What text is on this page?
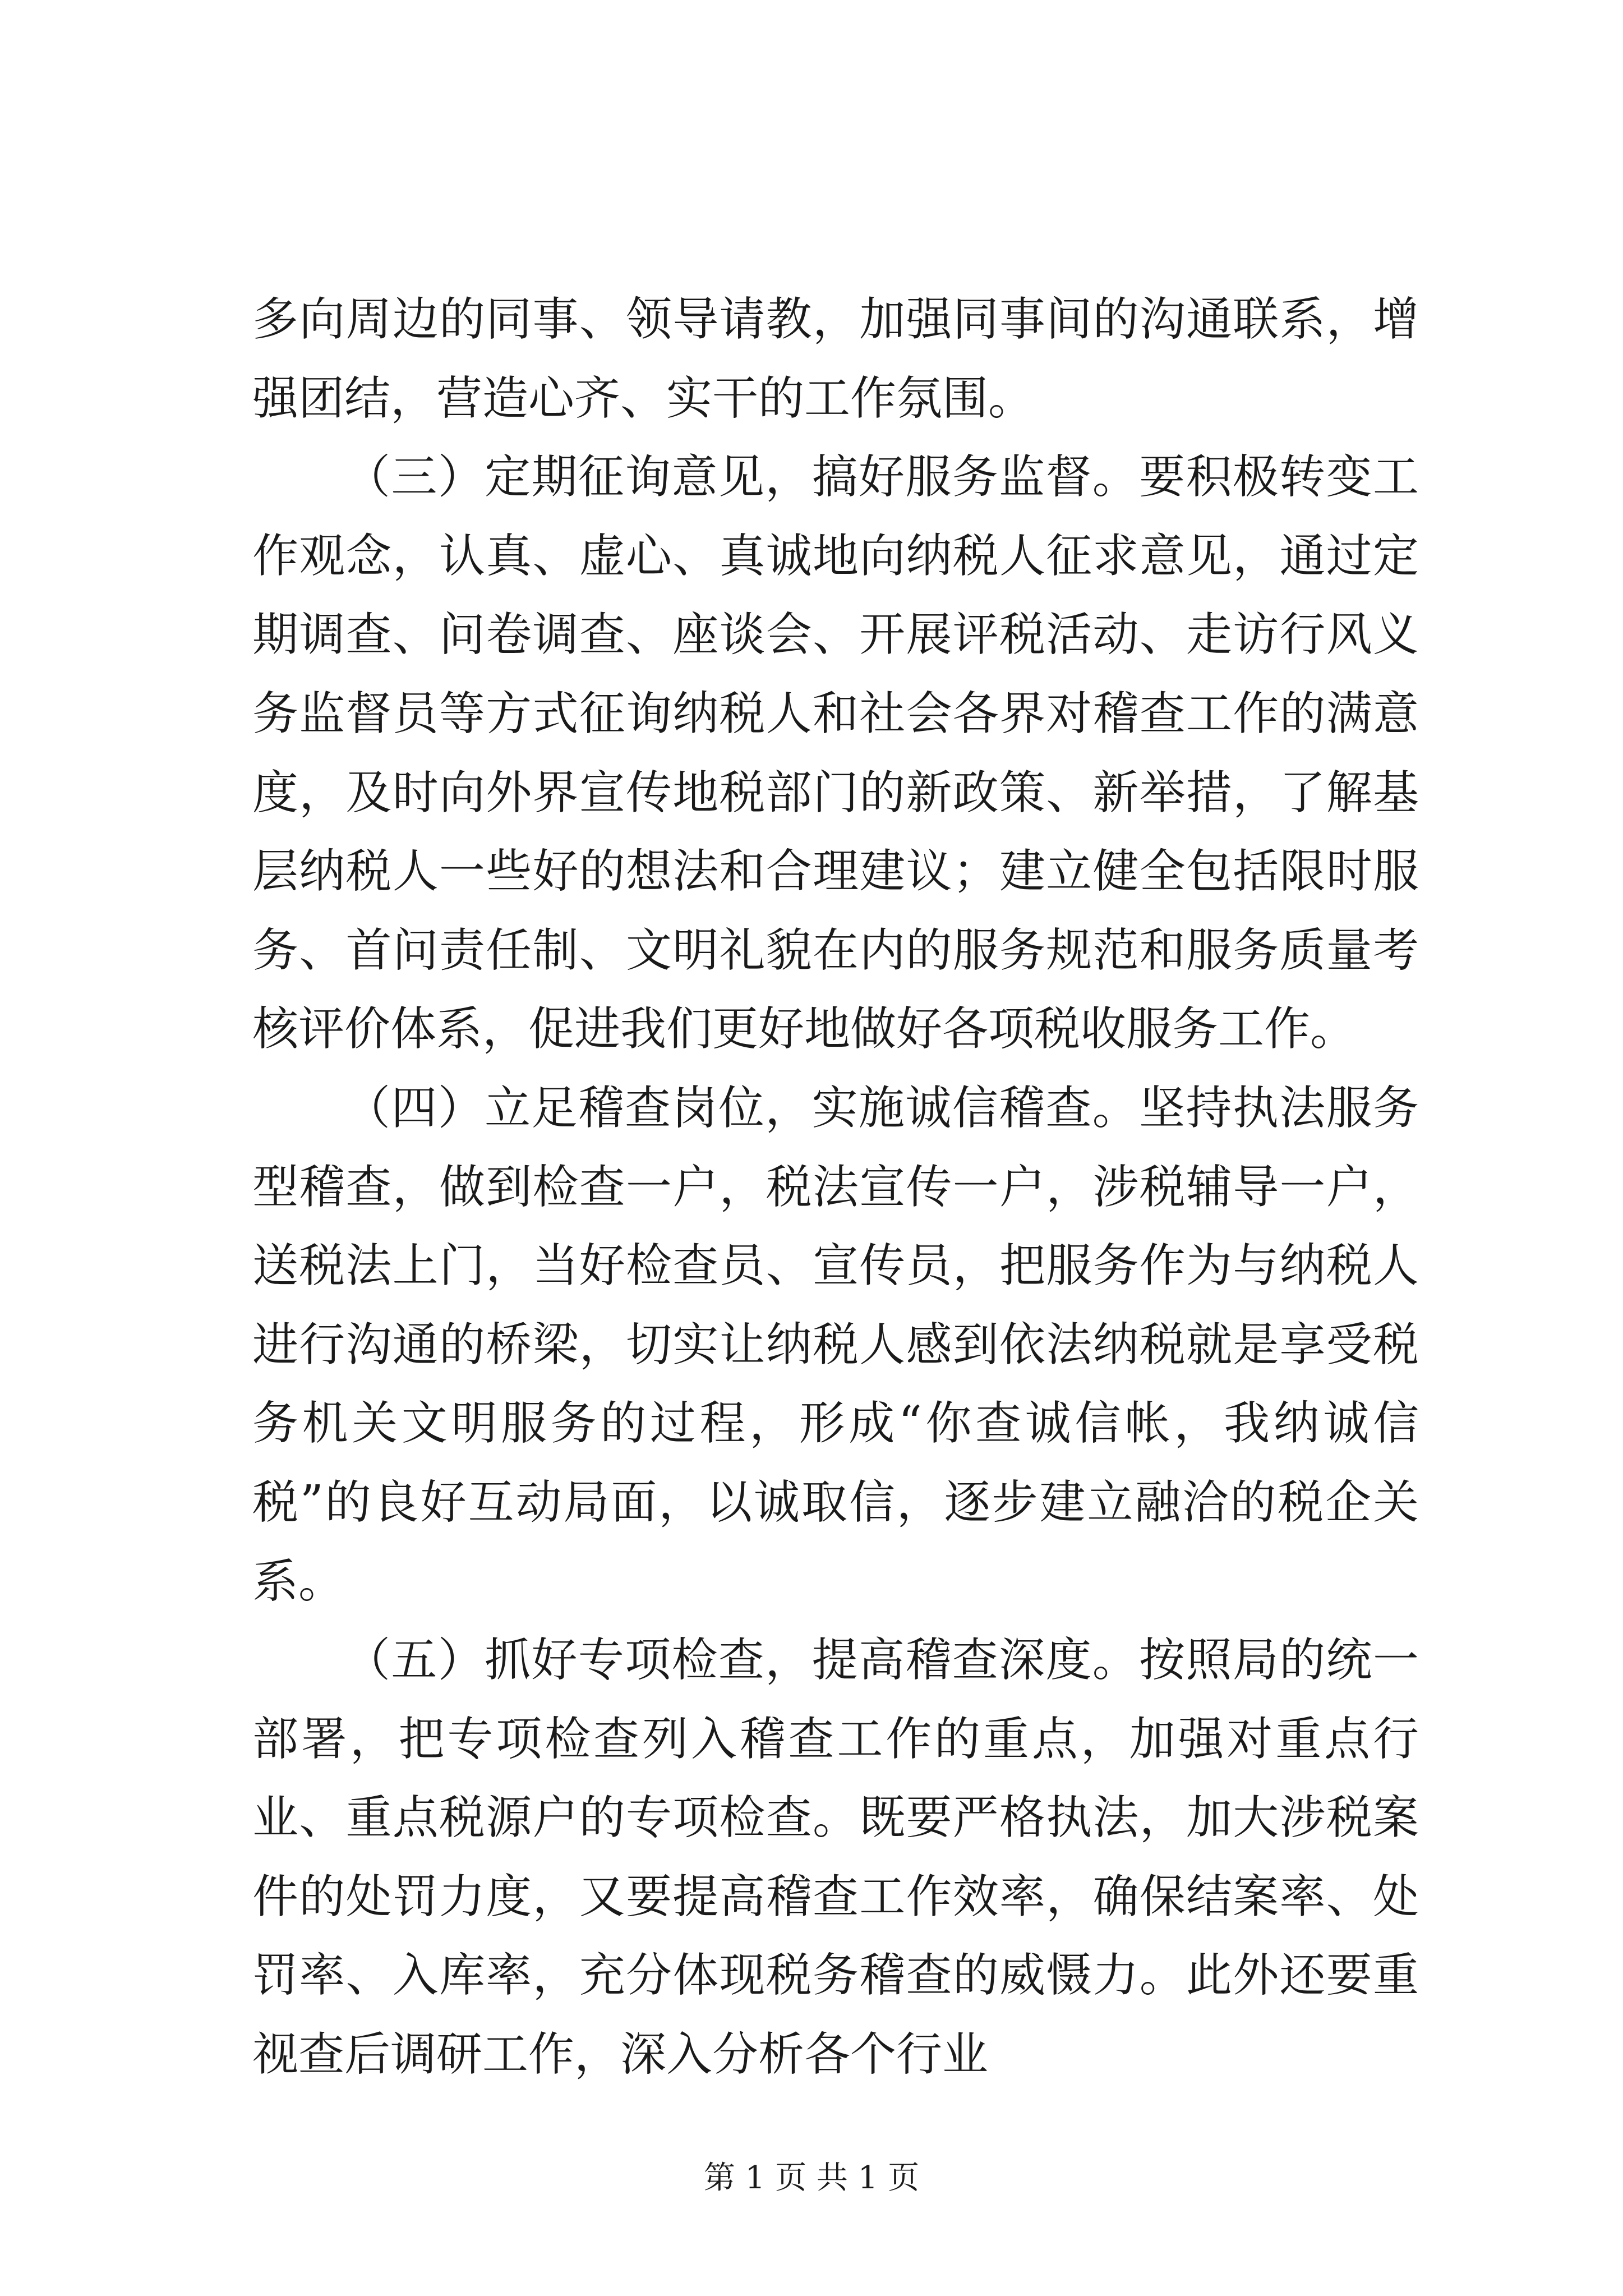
多向周边的同事、领导请教，加强同事间的沟通联系，增强团结，营造心齐、实干的工作氛围。

（三）定期征询意见，搞好服务监督。要积极转变工作观念，认真、虚心、真诚地向纳税人征求意见，通过定期调查、问卷调查、座谈会、开展评税活动、走访行风义务监督员等方式征询纳税人和社会各界对稽查工作的满意度，及时向外界宣传地税部门的新政策、新举措，了解基层纳税人一些好的想法和合理建议；建立健全包括限时服务、首问责任制、文明礼貌在内的服务规范和服务质量考核评价体系，促进我们更好地做好各项税收服务工作。

（四）立足稽查岗位，实施诚信稽查。坚持执法服务型稽查，做到检查一户，税法宣传一户，涉税辅导一户，送税法上门，当好检查员、宣传员，把服务作为与纳税人进行沟通的桥梁，切实让纳税人感到依法纳税就是享受税务机关文明服务的过程，形成“你查诚信帐，我纳诚信税”的良好互动局面，以诚取信，逐步建立融洽的税企关系。

（五）抓好专项检查，提高稽查深度。按照局的统一部署，把专项检查列入稽查工作的重点，加强对重点行业、重点税源户的专项检查。既要严格执法，加大涉税案件的处罚力度，又要提高稽查工作效率，确保结案率、处罚率、入库率，充分体现税务稽查的威慑力。此外还要重视查后调研工作，深入分析各个行业

第 1 页 共 1 页
